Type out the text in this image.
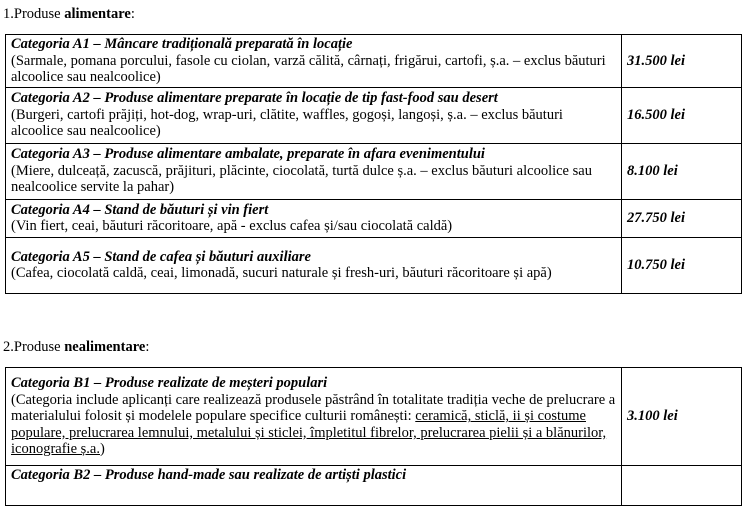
1.Produse alimentare:
Categoria A1 – Mâncare tradițională preparată în locație
(Sarmale, pomana porcului, fasole cu ciolan, varză călită, cârnați, frigărui, cartofi, ș.a. – exclus băuturi alcoolice sau nealcoolice)	31.500 lei

Categoria A2 – Produse alimentare preparate în locație de tip fast-food sau desert
(Burgeri, cartofi prăjiți, hot-dog, wrap-uri, clătite, waffles, gogoși, langoși, ș.a. – exclus băuturi alcoolice sau nealcoolice)	16.500 lei

Categoria A3 – Produse alimentare ambalate, preparate în afara evenimentului
(Miere, dulceață, zacuscă, prăjituri, plăcinte, ciocolată, turtă dulce ș.a. – exclus băuturi alcoolice sau nealcoolice servite la pahar)	8.100 lei

Categoria A4 – Stand de băuturi și vin fiert
(Vin fiert, ceai, băuturi răcoritoare, apă - exclus cafea și/sau ciocolată caldă)	27.750 lei

Categoria A5 – Stand de cafea și băuturi auxiliare
(Cafea, ciocolată caldă, ceai, limonadă, sucuri naturale și fresh-uri, băuturi răcoritoare și apă)	10.750 lei
2.Produse nealimentare:
Categoria B1 – Produse realizate de meșteri populari
(Categoria include aplicanți care realizează produsele păstrând în totalitate tradiția veche de prelucrare a materialului folosit și modelele populare specifice culturii românești: ceramică, sticlă, ii și costume populare, prelucrarea lemnului, metalului și sticlei, împletitul fibrelor, prelucrarea pielii și a blănurilor, iconografie ș.a.)	3.100 lei

Categoria B2 – Produse hand-made sau realizate de artiști plastici	
